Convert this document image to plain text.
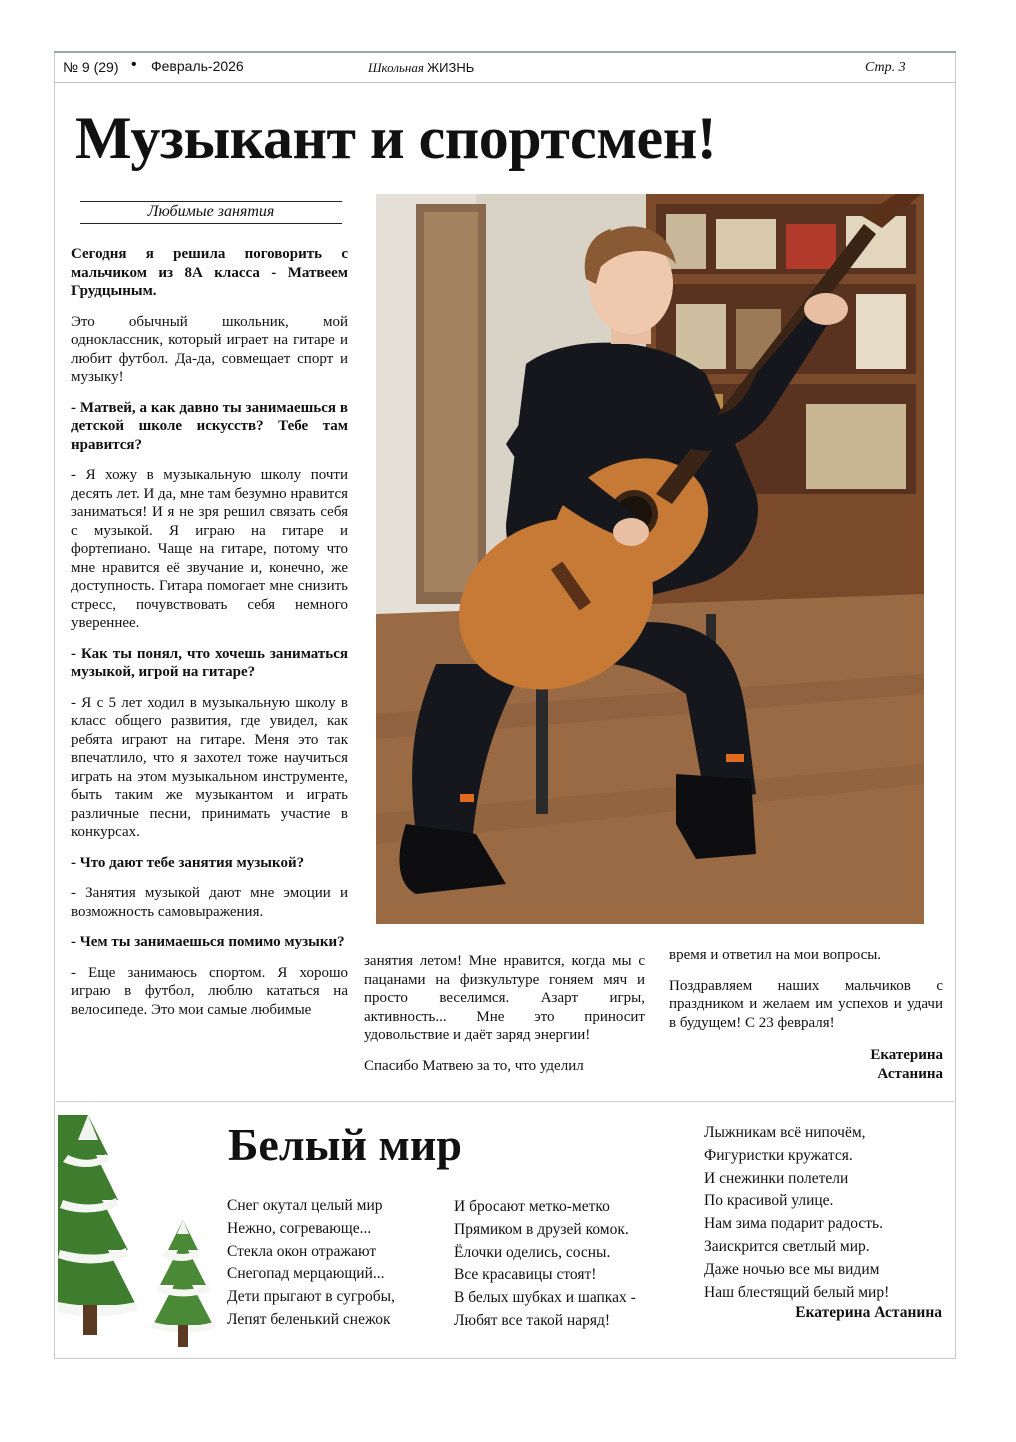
№ 9 (29) • Февраль-2026	Школьная ЖИЗНЬ	Стр. 3
Музыкант и спортсмен!
Любимые занятия

Сегодня я решила поговорить с мальчиком из 8А класса - Матвеем Грудцыным.

Это обычный школьник, мой одноклассник, который играет на гитаре и любит футбол. Да-да, совмещает спорт и музыку!

- Матвей, а как давно ты занимаешься в детской школе искусств? Тебе там нравится?

- Я хожу в музыкальную школу почти десять лет. И да, мне там безумно нравится заниматься! И я не зря решил связать себя с музыкой. Я играю на гитаре и фортепиано. Чаще на гитаре, потому что мне нравится её звучание и, конечно, же доступность. Гитара помогает мне снизить стресс, почувствовать себя немного увереннее.

- Как ты понял, что хочешь заниматься музыкой, игрой на гитаре?

- Я с 5 лет ходил в музыкальную школу в класс общего развития, где увидел, как ребята играют на гитаре. Меня это так впечатлило, что я захотел тоже научиться играть на этом музыкальном инструменте, быть таким же музыкантом и играть различные песни, принимать участие в конкурсах.

- Что дают тебе занятия музыкой?

- Занятия музыкой дают мне эмоции и возможность самовыражения.

- Чем ты занимаешься помимо музыки?

- Еще занимаюсь спортом. Я хорошо играю в футбол, люблю кататься на велосипеде. Это мои самые любимые

занятия летом! Мне нравится, когда мы с пацанами на физкультуре гоняем мяч и просто веселимся. Азарт игры, активность... Мне это приносит удовольствие и даёт заряд энергии!

Спасибо Матвею за то, что уделил

время и ответил на мои вопросы.

Поздравляем наших мальчиков с праздником и желаем им успехов и удачи в будущем! С 23 февраля!

Екатерина
Астанина
Белый мир
Снег окутал целый мир
Нежно, согревающе...
Стекла окон отражают
Снегопад мерцающий...
Дети прыгают в сугробы,
Лепят беленький снежок
И бросают метко-метко
Прямиком в друзей комок.
Ёлочки оделись, сосны.
Все красавицы стоят!
В белых шубках и шапках -
Любят все такой наряд!
Лыжникам всё нипочём,
Фигуристки кружатся.
И снежинки полетели
По красивой улице.
Нам зима подарит радость.
Заискрится светлый мир.
Даже ночью все мы видим
Наш блестящий белый мир!
Екатерина Астанина
